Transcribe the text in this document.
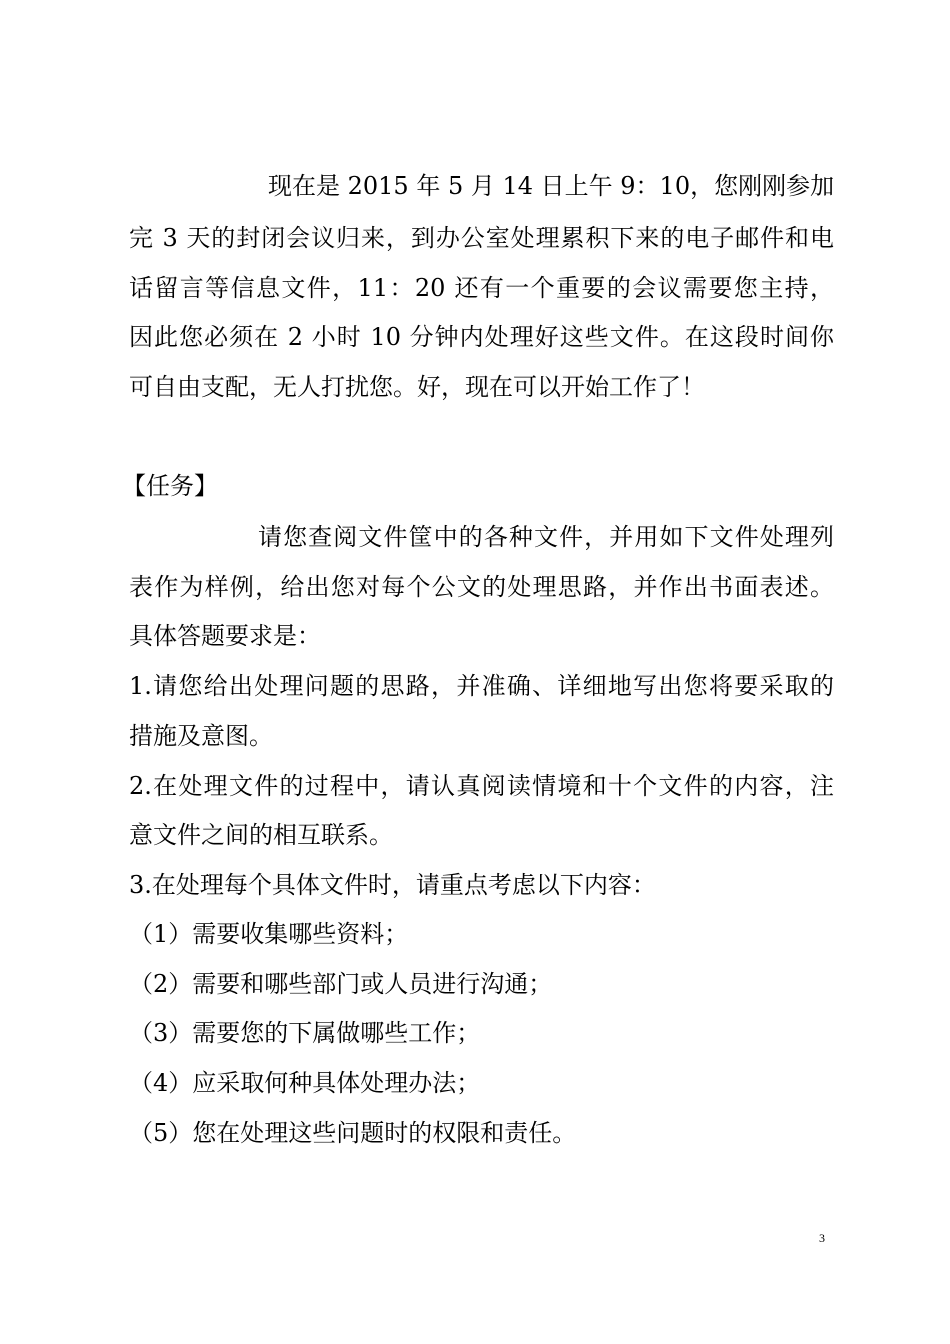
现在是 2015 年 5 月 14 日上午 9：10，您刚刚参加
完 3 天的封闭会议归来，到办公室处理累积下来的电子邮件和电
话留言等信息文件，11：20 还有一个重要的会议需要您主持，
因此您必须在 2 小时 10 分钟内处理好这些文件。在这段时间你
可自由支配，无人打扰您。好，现在可以开始工作了！
【任务】
请您查阅文件筐中的各种文件，并用如下文件处理列
表作为样例，给出您对每个公文的处理思路，并作出书面表述。
具体答题要求是：
1.请您给出处理问题的思路，并准确、详细地写出您将要采取的
措施及意图。
2.在处理文件的过程中，请认真阅读情境和十个文件的内容，注
意文件之间的相互联系。
3.在处理每个具体文件时，请重点考虑以下内容：
（1）需要收集哪些资料；
（2）需要和哪些部门或人员进行沟通；
（3）需要您的下属做哪些工作；
（4）应采取何种具体处理办法；
（5）您在处理这些问题时的权限和责任。
3
